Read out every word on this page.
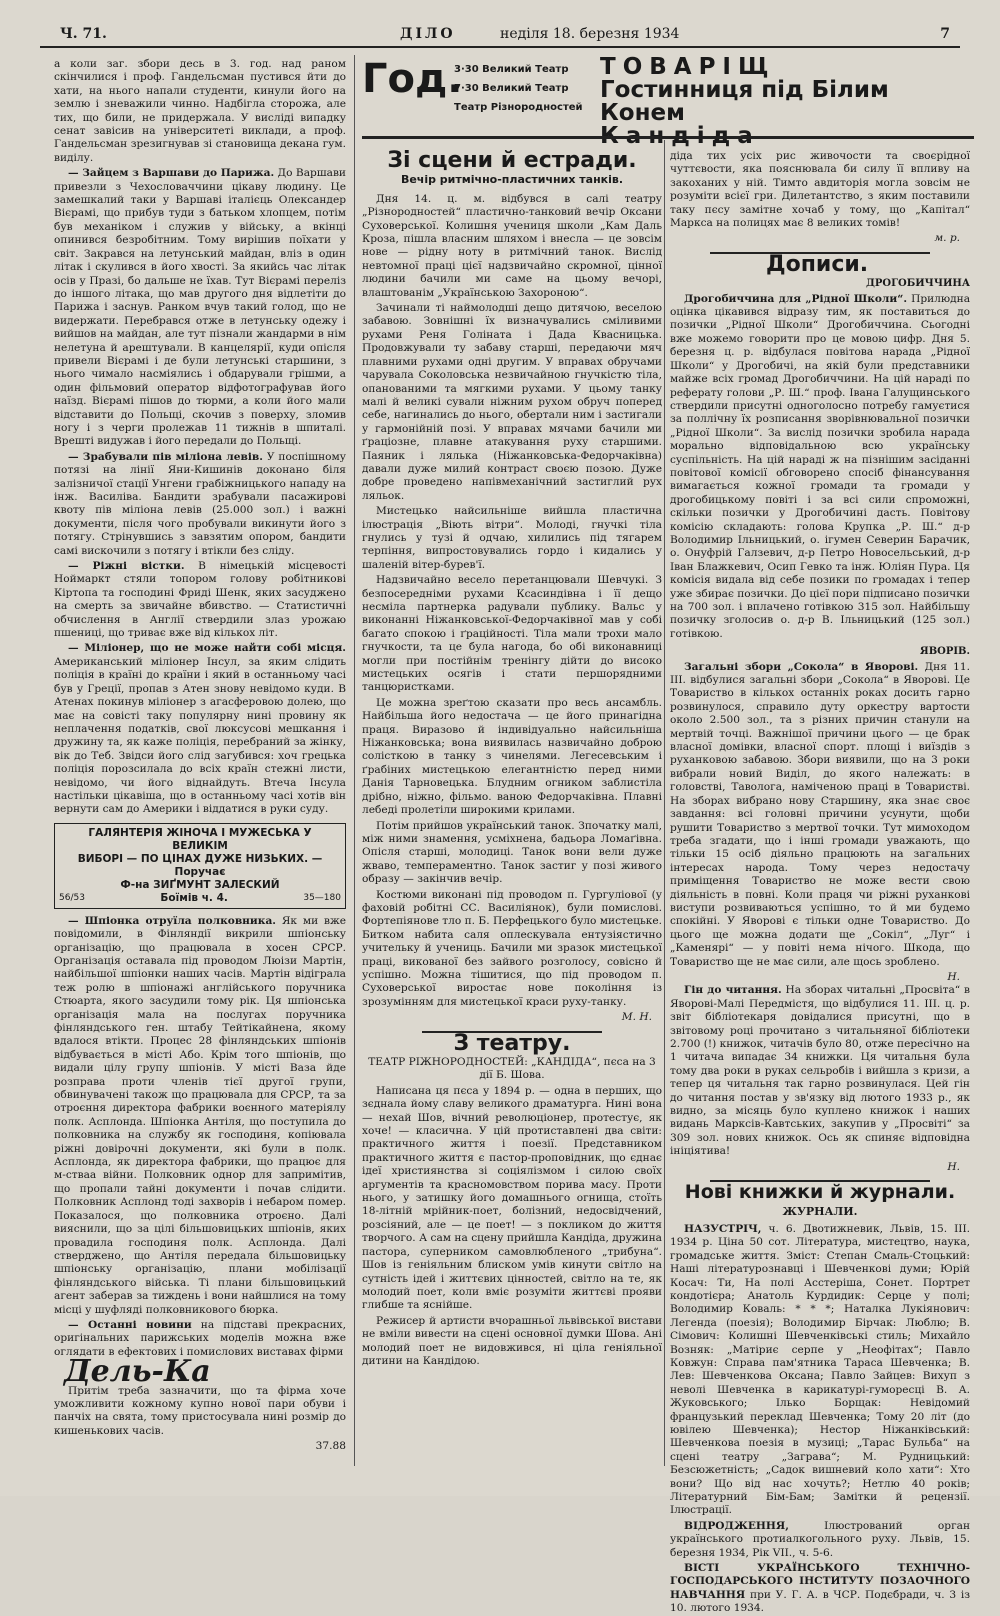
Ч. 71.	ДІЛО	неділя 18. березня 1934	7

а коли заг. збори десь в 3. год. над раном скінчилися і проф. Гандельсман пустився йти до хати, на нього напали студенти, кинули його на землю і зневажили чинно. Надбігла сторожа, але тих, що били, не придержала. У висліді випадку сенат завісив на університеті виклади, а проф. Гандельсман зрезигнував зі становища декана гум. виділу.

— Зайцем з Варшави до Парижа. До Варшави привезли з Чехословаччини цікаву людину. Це замешкалий таки у Варшаві італієць Олександер Вієрамі, що прибув туди з батьком хлопцем, потім був механіком і служив у війську, а вкінці опинився безробітним. Тому вирішив поїхати у світ. Закрався на летунський майдан, вліз в один літак і скулився в його хвості. За якийсь час літак осів у Празі, бо дальше не їхав. Тут Вієрамі переліз до іншого літака, що мав другого дня відлетіти до Парижа і заснув. Ранком вчув такий голод, що не видержати. Перебрався отже в летунську одежу і вийшов на майдан, але тут пізнали жандарми в нім нелетуна й арештували. В канцелярії, куди опісля привели Вієрамі і де були летунські старшини, з нього чимало насміялись і обдарували грішми, а один фільмовий оператор відфотографував його наїзд. Вієрамі пішов до тюрми, а коли його мали відставити до Польщі, скочив з поверху, зломив ногу і з черги пролежав 11 тижнів в шпиталі. Врешті видужав і його передали до Польщі.

— Зрабували пів міліона левів. У поспішному потязі на лінії Яни-Кишинів доконано біля залізничої стації Унгени грабіжницького нападу на інж. Василіва. Бандити зрабували пасажирові квоту пів міліона левів (25.000 зол.) і важні документи, після чого пробували викинути його з потягу. Стрінувшись з завзятим опором, бандити самі вискочили з потягу і втікли без сліду.

— Ріжні вістки. В німецькій місцевості Ноймаркт стяли топором голову робітникові Кіртопа та господині Фриді Шенк, яких засуджено на смерть за звичайне вбивство. — Статистичні обчислення в Англії ствердили злаз урожаю пшениці, що триває вже від кількох літ.

— Міліонер, що не може найти собі місця. Американський міліонер Інсул, за яким слідить поліція в країні до країни і який в останньому часі був у Греції, пропав з Атен знову невідомо куди. В Атенах покинув міліонер з агасферовою долею, що має на совісті таку популярну нині провину як неплачення податків, свої люксусові мешкання і дружину та, як каже поліція, перебраний за жінку, вік до Теб. Звідси його слід загубився: хоч грецька поліція порозсилала до всіх країн стежні листи, невідомо, чи його віднайдуть. Втеча Інсула настільки цікавіша, що в останньому часі хотів він вернути сам до Америки і віддатися в руки суду.

ГАЛЯНТЕРІЯ ЖІНОЧА І МУЖЕСЬКА У ВЕЛИКІМ
ВИБОРІ — ПО ЦІНАХ ДУЖЕ НИЗЬКИХ. — Поручає
Ф-на ЗИҐМУНТ ЗАЛЕСКИЙ
56/53	Боїмів ч. 4.	35—180

— Шпіонка отруїла полковника. Як ми вже повідомили, в Фінляндії викрили шпіонську організацію, що працювала в хосен СРСР. Організація оставала під проводом Люізи Мартін, найбільшої шпіонки наших часів. Мартін відіграла теж ролю в шпіонажі англійського поручника Стюарта, якого засудили тому рік. Ця шпіонська організація мала на послугах поручника фінляндського ген. штабу Тейтікайнена, якому вдалося втікти. Процес 28 фінляндських шпіонів відбувається в місті Або. Крім того шпіонів, що видали цілу групу шпіонів. У місті Ваза йде розправа проти членів тієї другої групи, обвинувачені також що працювала для СРСР, та за отроєння директора фабрики воєнного матеріялу полк. Асплонда. Шпіонка Антіля, що поступила до полковника на службу як господиня, копіювала ріжні довірочні документи, які були в полк. Асплонда, як директора фабрики, що працює для м-стваа війни. Полковник однор для запримітив, що пропали тайні документи і почав слідити. Полковник Асплонд тоді захворів і небаром помер. Показалося, що полковника отроєно. Далі вияснили, що за цілі більшовицьких шпіонів, яких провадила господиня полк. Асплонда. Далі стверджено, що Антіля передала більшовицьку шпіонську організацію, плани мобілізації фінляндського війська. Ті плани більшовицький агент заберав за тиждень і вони найшлися на тому місці у шуфляді полковникового бюрка.

— Останні новини на підставі прекрасних, оригінальних парижських моделів можна вже оглядати в ефектових і помислових виставах фірми

Дель-Ка

Притім треба зазначити, що та фірма хоче уможливити кожному купно нової пари обуви і панчіх на свята, тому пристосувала нині розмір до кишенькових часів.

37.88
Год.
3·30 Великий Театр
7·30 Великий Театр
Театр Різнородностей
ТОВАРІЩ
Гостинниця під Білим Конем
Кандіда
Зі сцени й естради.
Вечір ритмічно-пластичних танків.

Дня 14. ц. м. відбувся в салі театру „Різнородностей“ пластично-танковий вечір Оксани Суховерської. Колишня учениця школи „Кам Даль Кроза, пішла власним шляхом і внесла — це зовсім нове — рідну ноту в ритмічний танок. Вислід невтомної праці цієї надзвичайно скромної, цінної людини бачили ми саме на цьому вечорі, влаштованім „Українською Захороною“.

Зачинали ті наймолодші дещо дитячою, веселою забавою. Зовнішні їх визначувались сміливими рухами Реня Голіната і Дада Квасницька. Продовжували ту забаву старші, передаючи мяч плавними рухами одні другим. У вправах обручами чарувала Соколовська незвичайною гнучкістю тіла, опанованими та мягкими рухами. У цьому танку малі й великі сували ніжним рухом обруч поперед себе, нагинались до нього, обертали ним і застигали у гармонійній позі. У вправах мячами бачили ми ґраціозне, плавне атакування руху старшими. Паяник і лялька (Ніжанковська-Федорчаківна) давали дуже милий контраст своєю позою. Дуже добре проведено напівмеханічний застиглий рух ляльок.

Мистецько найсильніше вийшла пластична ілюстрація „Віють вітри“. Молоді, гнучкі тіла гнулись у тузі й одчаю, хилились під тягарем терпіння, випростовувались гордо і кидались у шаленій вітер-бурев'ї.

Надзвичайно весело перетанцювали Шевчукі. З безпосередніми рухами Ксасиндівна і її дещо несміла партнерка радували публику. Вальс у виконанні Ніжанковської-Федорчаківної мав у собі багато спокою і ґраційності. Тіла мали трохи мало гнучкости, та це була нагода, бо обі виконавниці могли при постійнім тренінгу дійти до високо мистецьких осягів і стати першорядними танцюристками.

Це можна зреґтою сказати про весь ансамбль. Найбільша його недостача — це його принагідна праця. Виразово й індивідуально найсильніша Ніжанковська; вона виявилась назвичайно доброю солісткою в танку з чинелями. Легесевським і ґрабіних мистецькою елегантністю перед ними Данія Тарновецька. Блудним огником заблистіла дрібно, ніжно, фільмо. ваною Федорчаківна. Плавні лебеді пролетіли широкими крилами.

Потім прийшов український танок. Зпочатку малі, між ними знамення, усміхнена, бадьора Ломаґівна. Опісля старші, молодиці. Танок вони вели дуже жваво, темпераментно. Танок застиг у позі живого образу — закінчив вечір.

Костюми виконані під проводом п. Гургуліової (у фаховій робітні СС. Василіянок), були помислові. Фортепіянове тло п. Б. Перфецького було мистецьке. Битком набита саля оплескувала ентузіястично учительку й учениць. Бачили ми зразок мистецької праці, викованої без зайвого розголосу, совісно й успішно. Можна тішитися, що під проводом п. Суховерської виростає нове покоління із зрозумінням для мистецької краси руху-танку.

М. Н.
З театру.

ТЕАТР РІЖНОРОДНОСТЕЙ: „КАНДІДА“, пєса на 3 дії Б. Шова.

Написана ця пєса у 1894 р. — одна в перших, що зєднала йому славу великого драматурга. Нині вона — нехай Шов, вічний революціонер, протестує, як хоче! — класична. У цій протиставлені два світи: практичного життя і поезії. Представником практичного життя є пастор-проповідник, що єднає ідеї християнства зі соціялізмом і силою своїх аргументів та красномовством порива масу. Проти нього, у затишку його домашнього огнища, стоїть 18-літній мрійник-поет, болізний, недосвідчений, розсіяний, але — це поет! — з покликом до життя творчого. А сам на сцену прийшла Кандіда, дружина пастора, суперником самовлюбленого „трибуна“. Шов із геніяльним блиском умів кинути світло на сутність ідей і життєвих цінностей, світло на те, як молодий поет, коли вміє розуміти життєві прояви глибше та яснійше.

Режисер й артисти вчорашньої львівської вистави не вміли вивести на сцені основної думки Шова. Ані молодий поет не видовжився, ні ціла геніяльної дитини на Кандідою.

діда тих усіх рис живочости та своєрідної чуттєвости, яка пояснювала би силу її впливу на закоханих у ній. Тимто авдиторія могла зовсім не розуміти всієї гри. Дилетантство, з яким поставили таку пєсу замітне хочаб у тому, що „Капітал“ Маркса на полицях має 8 великих томів!

м. р.
Дописи.
ДРОГОБИЧЧИНА

Дрогобиччина для „Рідної Школи“. Прилюдна оцінка цікавився відразу тим, як поставиться до позички „Рідної Школи“ Дрогобиччина. Сьогодні вже можемо говорити про це мовою цифр. Дня 5. березня ц. р. відбулася повітова нарада „Рідної Школи“ у Дрогобичі, на якій були представники майже всіх громад Дрогобиччини. На цій нараді по реферату голови „Р. Ш.“ проф. Івана Галущинського ствердили присутні одноголосно потребу гамуєтися за поллічну їх розписання зворівнювальної позички „Рідної Школи“. За вислід позички зробила нарада морально відповідальною всю українську суспільність. На цій нараді ж на пізнішим засіданні повітової комісії обговорено спосіб фінансування вимагається кожної громади та громади у дрогобицькому повіті і за всі сили спроможні, скільки позички у Дрогобичині дасть. Повітову комісію складають: голова Крупка „Р. Ш.“ д-р Володимир Ільницький, о. ігумен Северин Барачик, о. Онуфрій Галзевич, д-р Петро Новосельський, д-р Іван Блажкевич, Осип Гевко та інж. Юліян Пура. Ця комісія видала від себе позики по громадах і тепер уже збирає позички. До цієї пори підписано позички на 700 зол. і вплачено готівкою 315 зол. Найбільшу позичку зголосив о. д-р В. Ільницький (125 зол.) готівкою.

ЯВОРІВ.

Загальні збори „Сокола“ в Яворові. Дня 11. ІІІ. відбулися загальні збори „Сокола“ в Яворові. Це Товариство в кількох останніх роках досить гарно розвинулося, справило дуту оркестру вартости около 2.500 зол., та з різних причин станули на мертвій точці. Важнішої причини цього — це брак власної домівки, власної спорт. площі і виїздів з руханковою забавою. Збори виявили, що на 3 роки вибрали новий Виділ, до якого належать: в головстві, Таволога, наміченою праці в Товаристві. На зборах вибрано нову Старшину, яка знає своє завдання: всі головні причини усунути, щоби рушити Товариство з мертвої точки. Тут мимоходом треба згадати, що і інші громади уважають, що тільки 15 осіб діяльно працюють на загальних інтересах народа. Тому через недостачу приміщення Товариство не може вести свою діяльність в повні. Коли праця чи ріжні руханкові виступи розвиваються успішно, то й ми будемо спокійні. У Яворові є тільки одне Товариство. До цього ще можна додати ще „Сокіл“, „Луг“ і „Каменярі“ — у повіті нема нічого. Шкода, що Товариство ще не має сили, але щось зроблено.

Н.

Гін до читання. На зборах читальні „Просвіта“ в Яворові-Малі Передмістя, що відбулися 11. ІІІ. ц. р. звіт бібліотекаря довідалися присутні, що в звітовому році прочитано з читальняної бібліотеки 2.700 (!) книжок, читачів було 80, отже пересічно на 1 читача випадає 34 книжки. Ця читальня була тому два роки в руках сельробів і вийшла з кризи, а тепер ця читальня так гарно розвинулася. Цей гін до читання постав у зв'язку від лютого 1933 р., як видно, за місяць було куплено книжок і наших видань Марксів-Кавтських, закупив у „Просвіті“ за 309 зол. нових книжок. Ось як спиняє відповідна ініціятива!

Н.
Нові книжки й журнали.
ЖУРНАЛИ.

НАЗУСТРІЧ, ч. 6. Двотижневик, Львів, 15. ІІІ. 1934 р. Ціна 50 сот. Література, мистецтво, наука, громадське життя. Зміст: Степан Смаль-Стоцький: Наші літературознавці і Шевченкові думи; Юрій Косач: Ти, На полі Асстеріша, Сонет. Портрет кондотієра; Анатоль Курдидик: Серце у полі; Володимир Коваль: * * *; Наталка Лукіянович: Легенда (поезія); Володимир Бірчак: Люблю; В. Сімович: Колишні Шевченківські стиль; Михайло Возняк: „Матіриє серпе у „Неофітах“; Павло Ковжун: Справа пам'ятника Тараса Шевченка; В. Лев: Шевченкова Оксана; Павло Зайцев: Вихуп з неволі Шевченка в карикатурі-гуморесці В. А. Жуковського; Ілько Борщак: Невідомий французький переклад Шевченка; Тому 20 літ (до ювілею Шевченка); Нестор Ніжанківський: Шевченкова поезія в музиці; „Тарас Бульба“ на сцені театру „Заграва“; М. Рудницький: Безсюжетність; „Садок вишневий коло хати“: Хто вони? Що від нас хочуть?; Нетлю 40 років; Літературний Бім-Бам; Замітки й рецензії. Ілюстрації.

ВІДРОДЖЕННЯ,	Ілюстрований орган українського протиалкогольного руху. Львів, 15. березня 1934, Рік VII., ч. 5-6.

ВІСТІ УКРАЇНСЬКОГО ТЕХНІЧНО-ГОСПОДАРСЬКОГО ІНСТИТУТУ ПОЗАОЧНОГО НАВЧАННЯ при У. Г. А. в ЧСР. Подєбради, ч. 3 із 10. лютого 1934.
